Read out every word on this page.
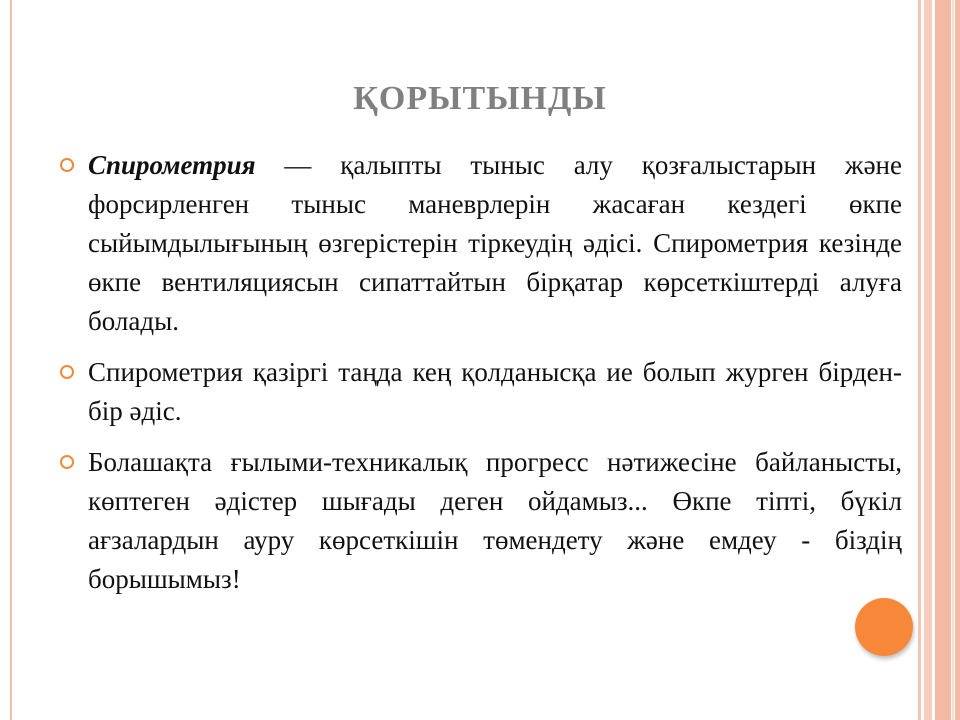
ҚОРЫТЫНДЫ
Спирометрия — қалыпты тыныс алу қозғалыстарын және форсирленген тыныс маневрлерін жасаған кездегі өкпе сыйымдылығының өзгерістерін тіркеудің әдісі. Спирометрия кезінде өкпе вентиляциясын сипаттайтын бірқатар көрсеткіштерді алуға болады.
Спирометрия қазіргі таңда кең қолданысқа ие болып журген бірден-бір әдіс.
Болашақта ғылыми-техникалық прогресс нәтижесіне байланысты, көптеген әдістер шығады деген ойдамыз... Өкпе тіпті, бүкіл ағзалардын ауру көрсеткішін төмендету және емдеу - біздің борышымыз!
